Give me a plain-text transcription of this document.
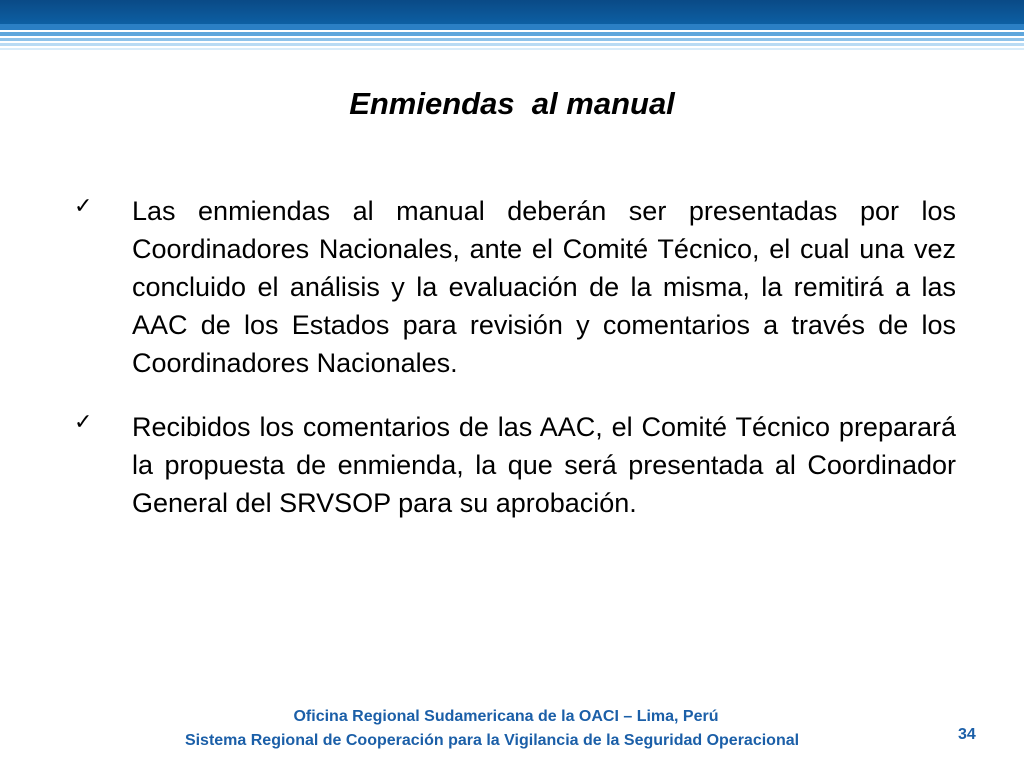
Enmiendas  al manual
✓ Las enmiendas al manual deberán ser presentadas por los Coordinadores Nacionales, ante el Comité Técnico, el cual una vez concluido el análisis y la evaluación de la misma, la remitirá a las AAC de los Estados para revisión y comentarios a través de los Coordinadores Nacionales.
✓ Recibidos los comentarios de las AAC, el Comité Técnico preparará la propuesta de enmienda, la que será presentada al Coordinador General del SRVSOP para su aprobación.

Oficina Regional Sudamericana de la OACI – Lima, Perú

Sistema Regional de Cooperación para la Vigilancia de la Seguridad Operacional	34
